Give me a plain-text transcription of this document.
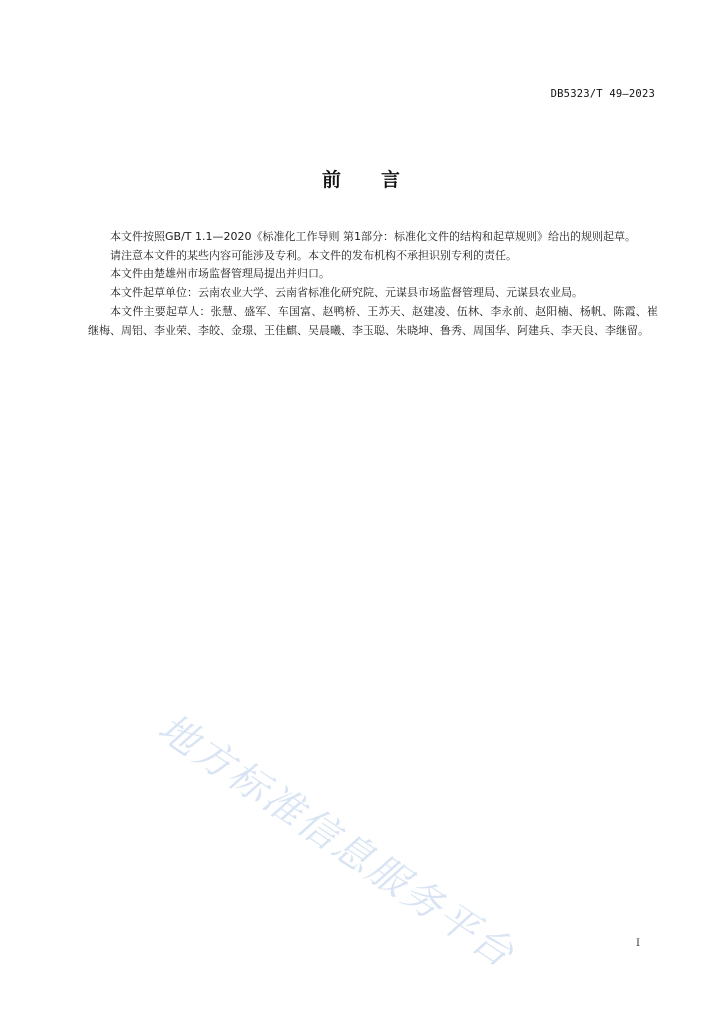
DB5323/T 49—2023
前 言

本文件按照GB/T 1.1—2020《标准化工作导则 第1部分：标准化文件的结构和起草规则》给出的规则起草。

请注意本文件的某些内容可能涉及专利。本文件的发布机构不承担识别专利的责任。

本文件由楚雄州市场监督管理局提出并归口。

本文件起草单位：云南农业大学、云南省标准化研究院、元谋县市场监督管理局、元谋县农业局。

本文件主要起草人：张慧、盛军、车国富、赵鸭桥、王苏天、赵建凌、伍林、李永前、赵阳楠、杨帆、陈霞、崔继梅、周铝、李业荣、李皎、金璟、王佳麒、吴晨曦、李玉聪、朱晓坤、鲁秀、周国华、阿建兵、李天良、李继留。

地方标准信息服务平台	I
